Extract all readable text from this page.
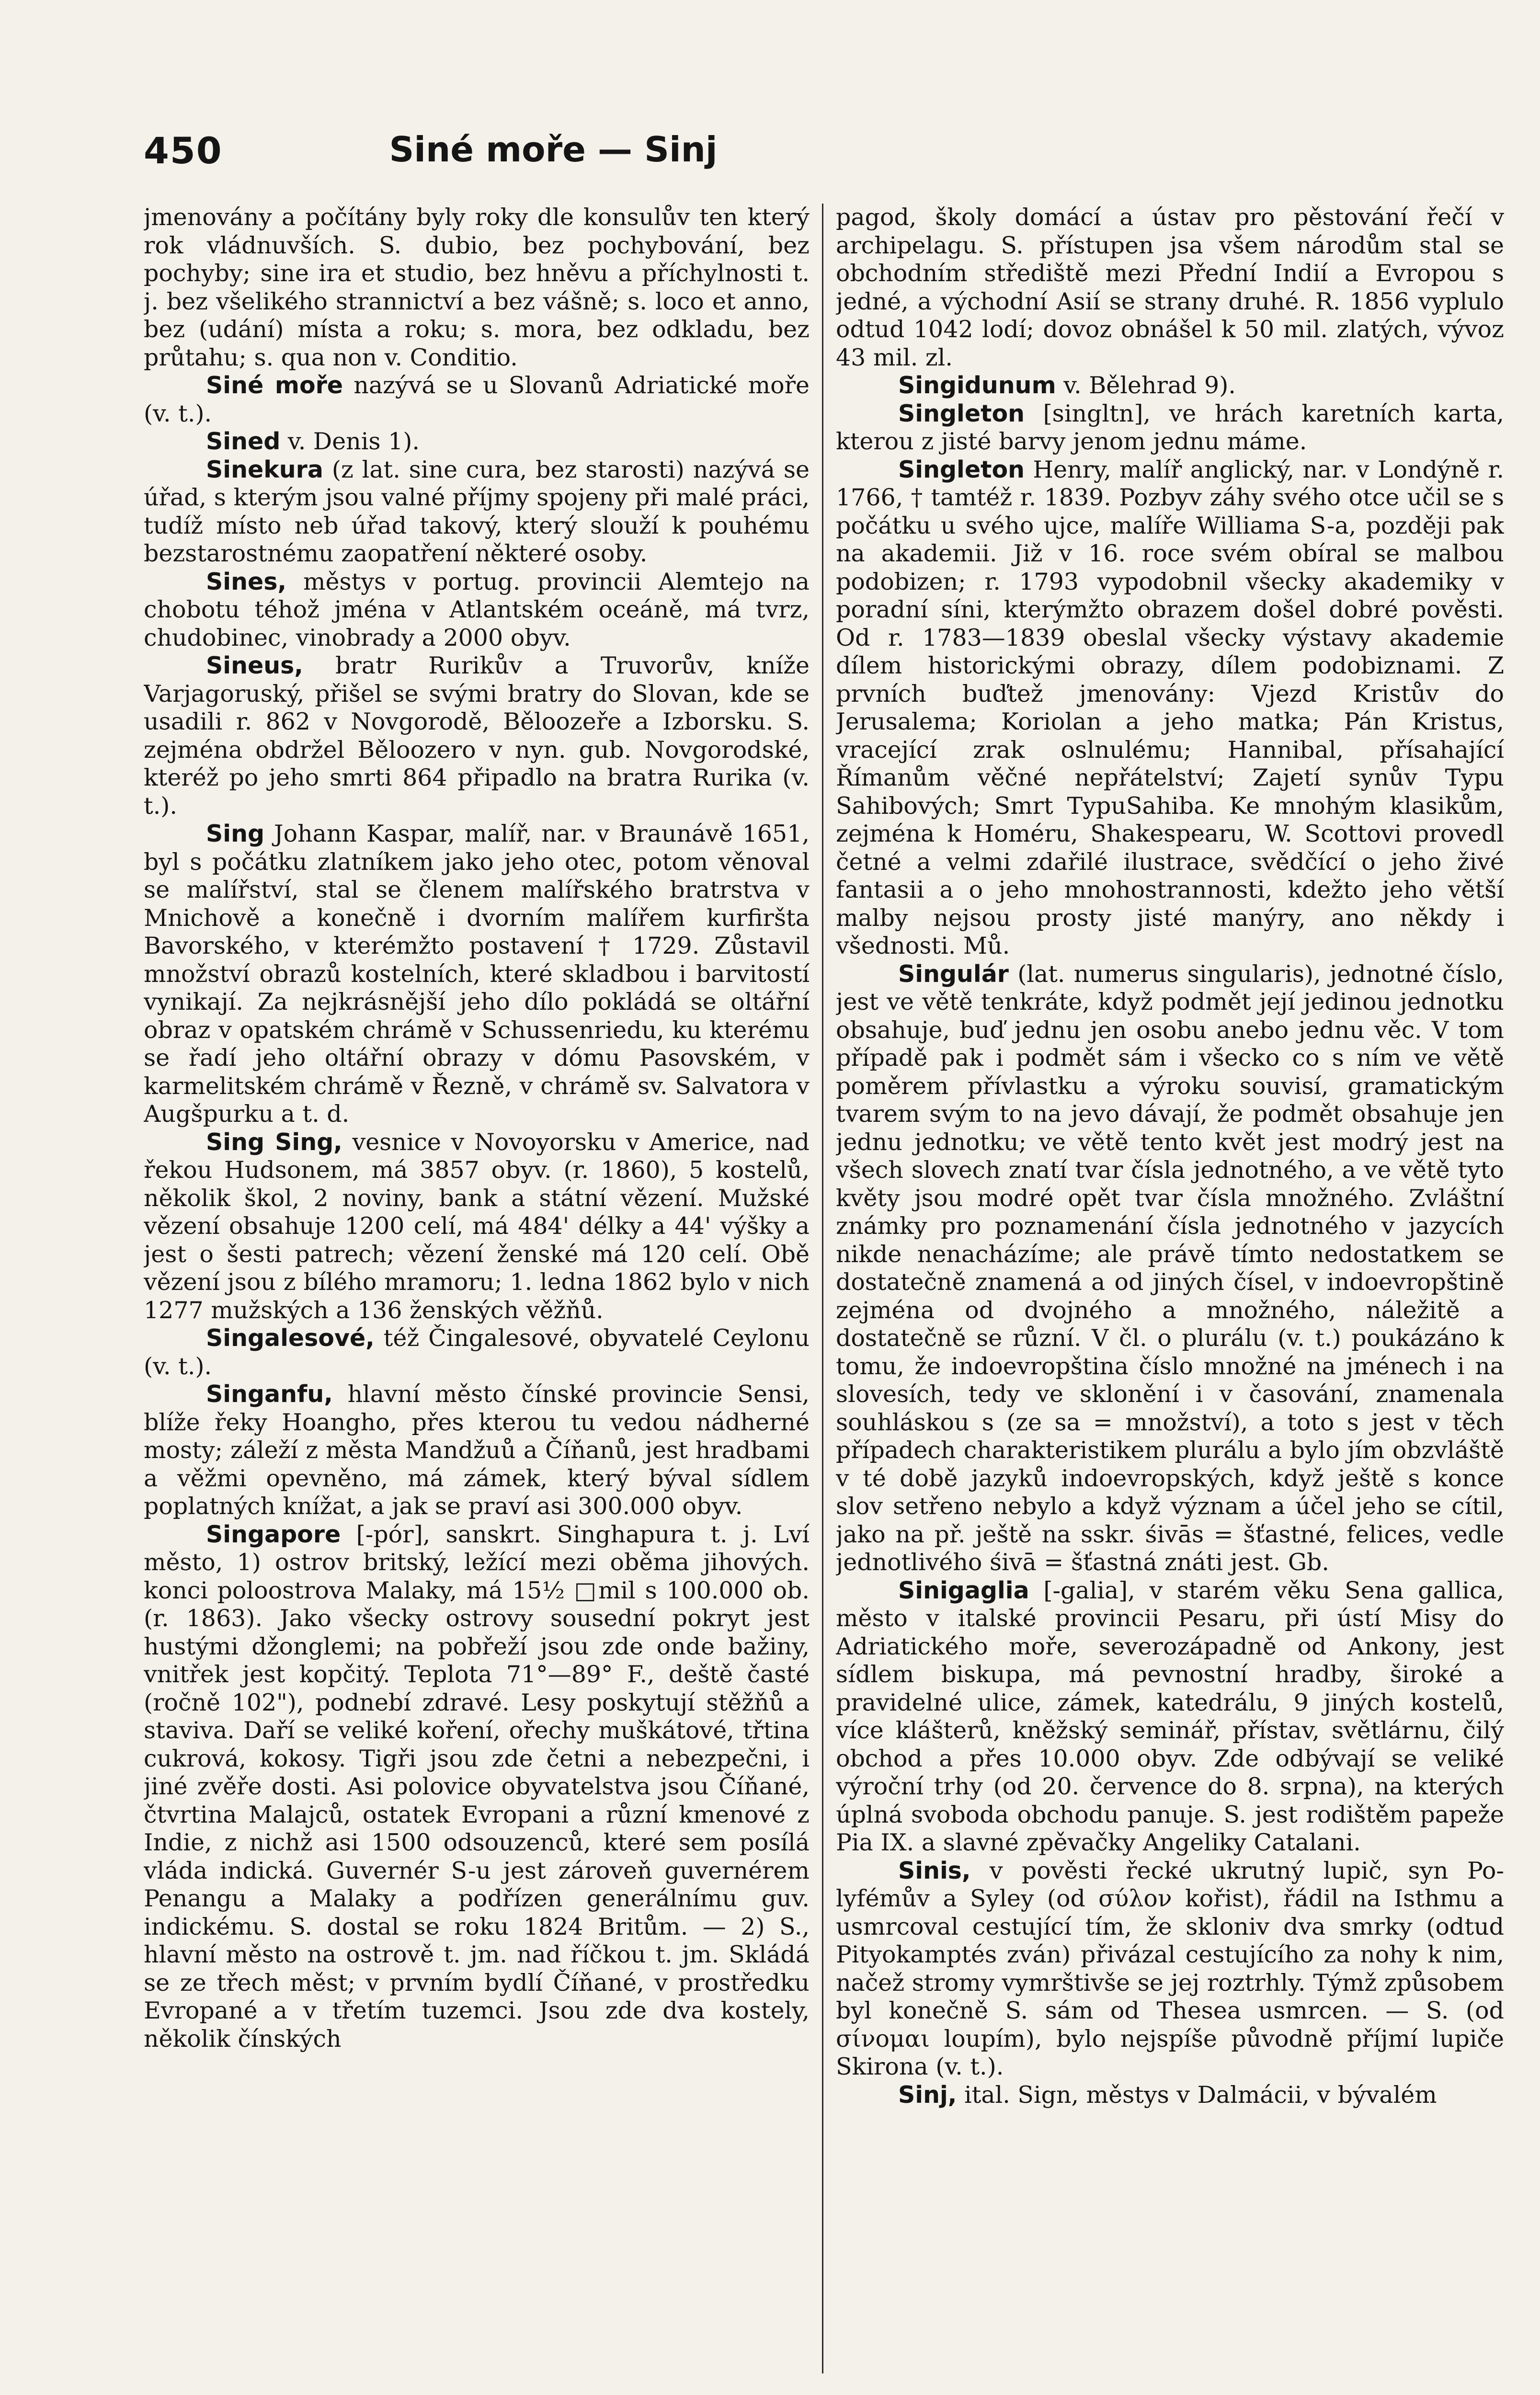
450	Siné moře — Sinj

jmenovány a počítány byly roky dle konsulův ten který rok vládnuvších. S. dubio, bez pochybování, bez pochyby; sine ira et studio, bez hněvu a příchylnosti t. j. bez všelikého strannictví a bez vášně; s. loco et anno, bez (udání) místa a roku; s. mora, bez odkladu, bez průtahu; s. qua non v. Conditio.

Siné moře nazývá se u Slovanů Adriatické moře (v. t.).

Sined v. Denis 1).

Sinekura (z lat. sine cura, bez starosti) nazývá se úřad, s kterým jsou valné příjmy spojeny při malé práci, tudíž místo neb úřad takový, který slouží k pouhému bezstarostnému zaopatření některé osoby.

Sines, městys v portug. provincii Alemtejo na chobotu téhož jména v Atlantském oceáně, má tvrz, chudobinec, vinobrady a 2000 obyv.

Sineus, bratr Rurikův a Truvorův, kníže Varjagoruský, přišel se svými bratry do Slovan, kde se usadili r. 862 v Novgorodě, Běloozeře a Izborsku. S. zejména obdržel Běloozero v nyn. gub. Novgorodské, kteréž po jeho smrti 864 připadlo na bratra Rurika (v. t.).

Sing Johann Kaspar, malíř, nar. v Braunávě 1651, byl s počátku zlatníkem jako jeho otec, potom věnoval se malířství, stal se členem malířského bratrstva v Mnichově a konečně i dvorním malířem kurfiršta Bavorského, v kterémžto postavení † 1729. Zůstavil množství obrazů kostelních, které skladbou i barvitostí vynikají. Za nejkrásnější jeho dílo pokládá se oltářní obraz v opatském chrámě v Schussenriedu, ku kterému se řadí jeho oltářní obrazy v dómu Pasovském, v karmelitském chrámě v Řezně, v chrámě sv. Salvatora v Augšpurku a t. d.

Sing Sing, vesnice v Novoyorsku v Americe, nad řekou Hudsonem, má 3857 obyv. (r. 1860), 5 kostelů, několik škol, 2 noviny, bank a státní vězení. Mužské vězení obsahuje 1200 celí, má 484' délky a 44' výšky a jest o šesti patrech; vězení ženské má 120 celí. Obě vězení jsou z bílého mramoru; 1. ledna 1862 bylo v nich 1277 mužských a 136 ženských věžňů.

Singalesové, též Čingalesové, obyvatelé Ceylonu (v. t.).

Singanfu, hlavní město čínské provincie Sensi, blíže řeky Hoangho, přes kterou tu vedou nádherné mosty; záleží z města Mandžuů a Číňanů, jest hradbami a věžmi opevněno, má zámek, který býval sídlem poplatných knížat, a jak se praví asi 300.000 obyv.

Singapore [-pór], sanskrt. Singhapura t. j. Lví město, 1) ostrov britský, ležící mezi oběma jihových. konci poloostrova Malaky, má 15½ □mil s 100.000 ob. (r. 1863). Jako všecky ostrovy sousední pokryt jest hustými džonglemi; na pobřeží jsou zde onde bažiny, vnitřek jest kopčitý. Teplota 71°—89° F., deště časté (ročně 102"), podnebí zdravé. Lesy poskytují stěžňů a staviva. Daří se veliké koření, ořechy muškátové, třtina cukrová, kokosy. Tigři jsou zde četni a nebezpečni, i jiné zvěře dosti. Asi polovice obyvatelstva jsou Číňané, čtvrtina Malajců, ostatek Evropani a různí kmenové z Indie, z nichž asi 1500 odsouzenců, které sem posílá vláda indická. Guvernér S-u jest zároveň guvernérem Penangu a Malaky a podřízen generálnímu guv. indickému. S. dostal se roku 1824 Britům. — 2) S., hlavní město na ostrově t. jm. nad říčkou t. jm. Skládá se ze třech měst; v prvním bydlí Číňané, v prostředku Evropané a v třetím tuzemci. Jsou zde dva kostely, několik čínských

pagod, školy domácí a ústav pro pěstování řečí v archipelagu. S. přístupen jsa všem národům stal se obchodním střediště mezi Přední Indií a Evropou s jedné, a východní Asií se strany druhé. R. 1856 vyplulo odtud 1042 lodí; dovoz obnášel k 50 mil. zlatých, vývoz 43 mil. zl.

Singidunum v. Bělehrad 9).

Singleton [singltn], ve hrách karetních karta, kterou z jisté barvy jenom jednu máme.

Singleton Henry, malíř anglický, nar. v Londýně r. 1766, † tamtéž r. 1839. Pozbyv záhy svého otce učil se s počátku u svého ujce, malíře Williama S-a, později pak na akademii. Již v 16. roce svém obíral se malbou podobizen; r. 1793 vypodobnil všecky akademiky v poradní síni, kterýmžto obrazem došel dobré pověsti. Od r. 1783—1839 obeslal všecky výstavy akademie dílem historickými obrazy, dílem podobiznami. Z prvních buďtež jmenovány: Vjezd Kristův do Jerusalema; Koriolan a jeho matka; Pán Kristus, vracející zrak oslnulému; Hannibal, přísahající Římanům věčné nepřátelství; Zajetí synův Typu Sahibových; Smrt TypuSahiba. Ke mnohým klasikům, zejména k Homéru, Shakespearu, W. Scottovi provedl četné a velmi zdařilé ilustrace, svědčící o jeho živé fantasii a o jeho mnohostrannosti, kdežto jeho větší malby nejsou prosty jisté manýry, ano někdy i všednosti. Mů.

Singulár (lat. numerus singularis), jednotné číslo, jest ve větě tenkráte, když podmět její jedinou jednotku obsahuje, buď jednu jen osobu anebo jednu věc. V tom případě pak i podmět sám i všecko co s ním ve větě poměrem přívlastku a výroku souvisí, gramatickým tvarem svým to na jevo dávají, že podmět obsahuje jen jednu jednotku; ve větě tento květ jest modrý jest na všech slovech znatí tvar čísla jednotného, a ve větě tyto květy jsou modré opět tvar čísla množného. Zvláštní známky pro poznamenání čísla jednotného v jazycích nikde nenacházíme; ale právě tímto nedostatkem se dostatečně znamená a od jiných čísel, v indoevropštině zejména od dvojného a množného, náležitě a dostatečně se různí. V čl. o plurálu (v. t.) poukázáno k tomu, že indoevropština číslo množné na jménech i na slovesích, tedy ve sklonění i v časování, znamenala souhláskou s (ze sa = množství), a toto s jest v těch případech charakteristikem plurálu a bylo jím obzvláště v té době jazyků indoevropských, když ještě s konce slov setřeno nebylo a když význam a účel jeho se cítil, jako na př. ještě na sskr. śivās = šťastné, felices, vedle jednotlivého śivā = šťastná znáti jest. Gb.

Sinigaglia [-galia], v starém věku Sena gallica, město v italské provincii Pesaru, při ústí Misy do Adriatického moře, severozápadně od Ankony, jest sídlem biskupa, má pevnostní hradby, široké a pravidelné ulice, zámek, katedrálu, 9 jiných kostelů, více klášterů, kněžský seminář, přístav, světlárnu, čilý obchod a přes 10.000 obyv. Zde odbývají se veliké výroční trhy (od 20. července do 8. srpna), na kterých úplná svoboda obchodu panuje. S. jest rodištěm papeže Pia IX. a slavné zpěvačky Angeliky Catalani.

Sinis, v pověsti řecké ukrutný lupič, syn Polyfémův a Syley (od σύλον kořist), řádil na Isthmu a usmrcoval cestující tím, že skloniv dva smrky (odtud Pityokamptés zván) přivázal cestujícího za nohy k nim, načež stromy vymrštivše se jej roztrhly. Týmž způsobem byl konečně S. sám od Thesea usmrcen. — S. (od σίνομαι loupím), bylo nejspíše původně příjmí lupiče Skirona (v. t.).

Sinj, ital. Sign, městys v Dalmácii, v bývalém
